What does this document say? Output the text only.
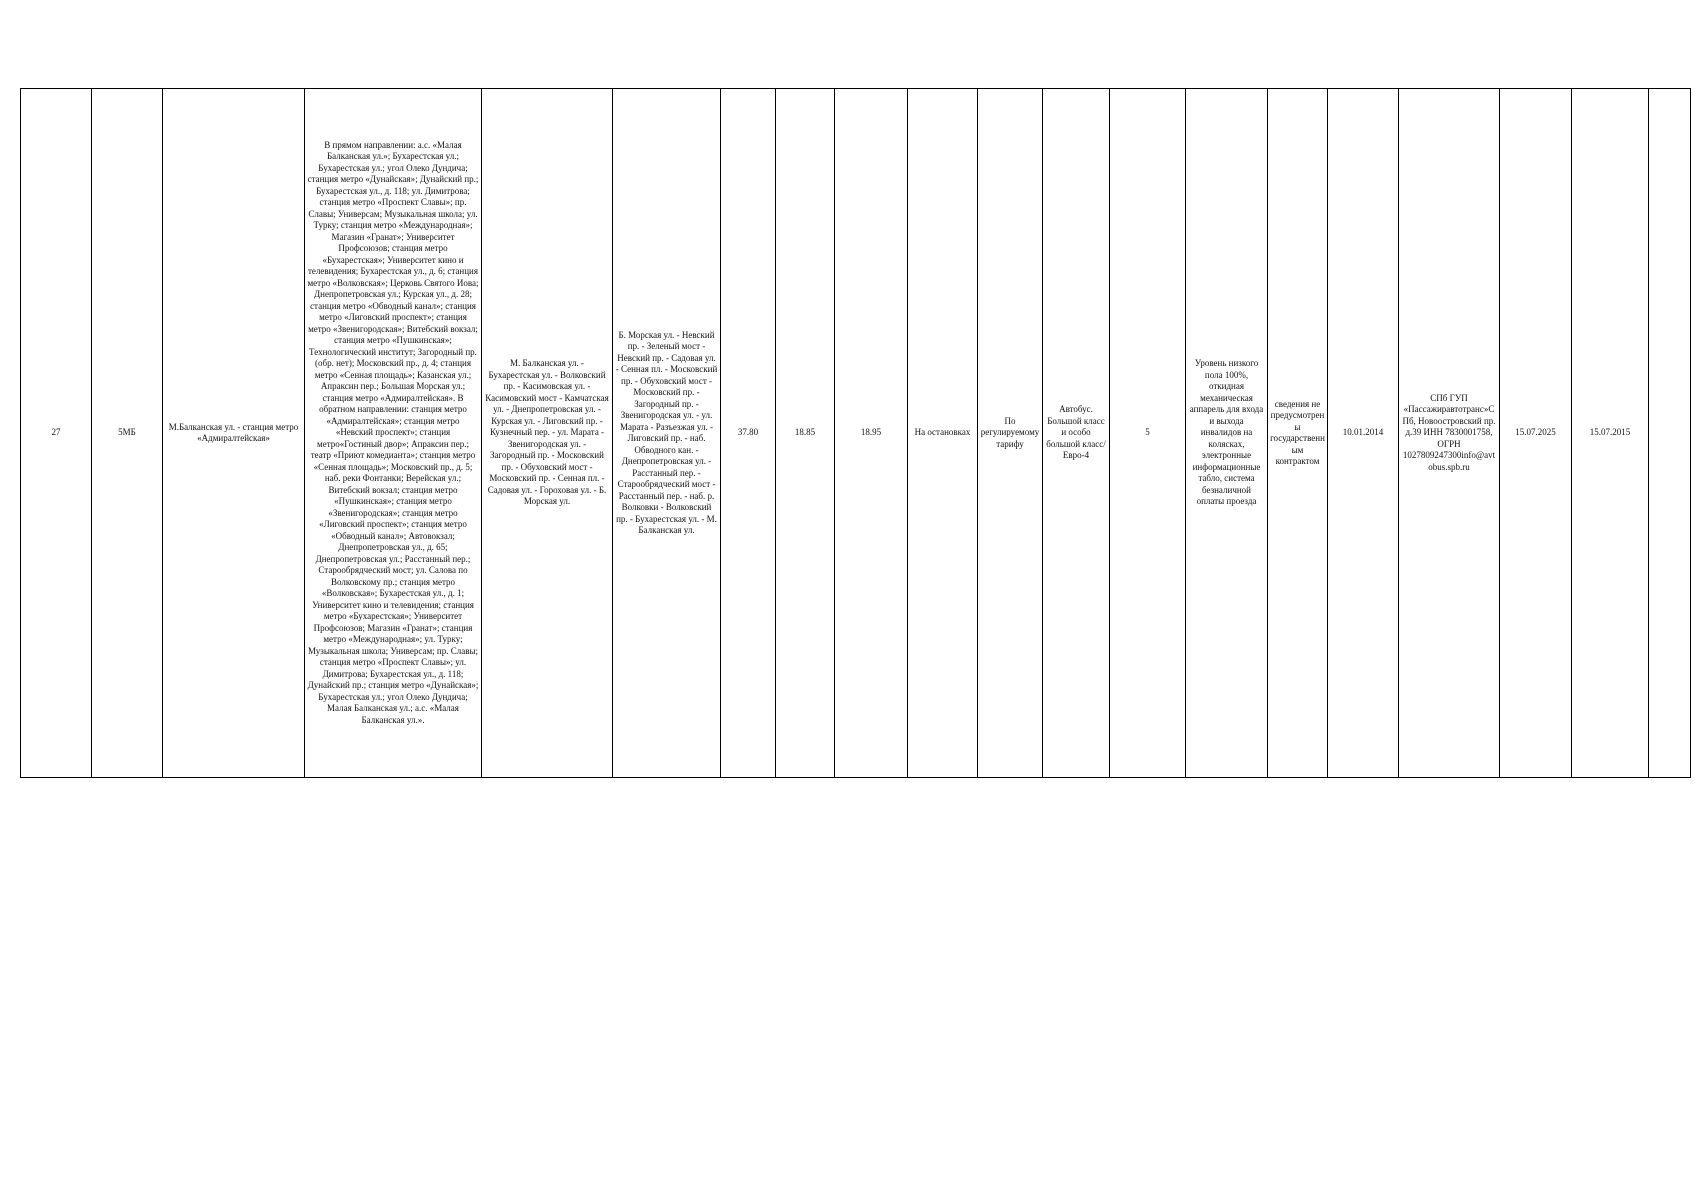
27	5МБ	М.Балканская ул. - станция метро «Адмиралтейская»	В прямом направлении: а.с. «Малая Балканская ул.»; Бухарестская ул.; Бухарестская ул.; угол Олеко Дундича; станция метро «Дунайская»; Дунайский пр.; Бухарестская ул., д. 118; ул. Димитрова; станция метро «Проспект Славы»; пр. Славы; Универсам; Музыкальная школа; ул. Турку; станция метро «Международная»; Магазин «Гранат»; Университет Профсоюзов; станция метро «Бухарестская»; Университет кино и телевидения; Бухарестская ул., д. 6; станция метро «Волковская»; Церковь Святого Иова; Днепропетровская ул.; Курская ул., д. 28; станция метро «Обводный канал»; станция метро «Лиговский проспект»; станция метро «Звенигородская»; Витебский вокзал; станция метро «Пушкинская»; Технологический институт; Загородный пр. (обр. нет); Московский пр., д. 4; станция метро «Сенная площадь»; Казанская ул.; Апраксин пер.; Большая Морская ул.; станция метро «Адмиралтейская». В обратном направлении: станция метро «Адмиралтейская»; станция метро «Невский проспект»; станция метро«Гостиный двор»; Апраксин пер.; театр «Приют комедианта»; станция метро «Сенная площадь»; Московский пр., д. 5; наб. реки Фонтанки; Верейская ул.; Витебский вокзал; станция метро «Пушкинская»; станция метро «Звенигородская»; станция метро «Лиговский проспект»; станция метро «Обводный канал»; Автовокзал; Днепропетровская ул., д. 65; Днепропетровская ул.; Расстанный пер.; Старообрядческий мост; ул. Салова по Волковскому пр.; станция метро «Волковская»; Бухарестская ул., д. 1; Университет кино и телевидения; станция метро «Бухарестская»; Университет Профсоюзов; Магазин «Гранат»; станция метро «Международная»; ул. Турку; Музыкальная школа; Универсам; пр. Славы; станция метро «Проспект Славы»; ул. Димитрова; Бухарестская ул., д. 118; Дунайский пр.; станция метро «Дунайская»; Бухарестская ул.; угол Олеко Дундича; Малая Балканская ул.; а.с. «Малая Балканская ул.».	М. Балканская ул. - Бухарестская ул. - Волковский пр. - Касимовская ул. - Касимовский мост - Камчатская ул. - Днепропетровская ул. - Курская ул. - Лиговский пр. - Кузнечный пер. - ул. Марата - Звенигородская ул. - Загородный пр. - Московский пр. - Обуховский мост - Московский пр. - Сенная пл. - Садовая ул. - Гороховая ул. - Б. Морская ул.	Б. Морская ул. - Невский пр. - Зеленый мост - Невский пр. - Садовая ул. - Сенная пл. - Московский пр. - Обуховский мост - Московский пр. - Загородный пр. - Звенигородская ул. - ул. Марата - Разъезжая ул. - Лиговский пр. - наб. Обводного кан. - Днепропетровская ул. - Расстанный пер. - Старообрядческий мост - Расстанный пер. - наб. р. Волковки - Волковский пр. - Бухарестская ул. - М. Балканская ул.	37.80	18.85	18.95	На остановках	По регулируемому тарифу	Автобус. Большой класс и особо большой класс/Евро-4	5	Уровень низкого пола 100%, откидная механическая аппарель для входа и выхода инвалидов на колясках, электронные информационные табло, система безналичной оплаты проезда	сведения не предусмотрены государственным контрактом	10.01.2014	СПб ГУП «Пассажиравтотранс»СПб, Новоостровский пр. д.39 ИНН 7830001758, ОГРН 1027809247300info@avtobus.spb.ru	15.07.2025	15.07.2015	
